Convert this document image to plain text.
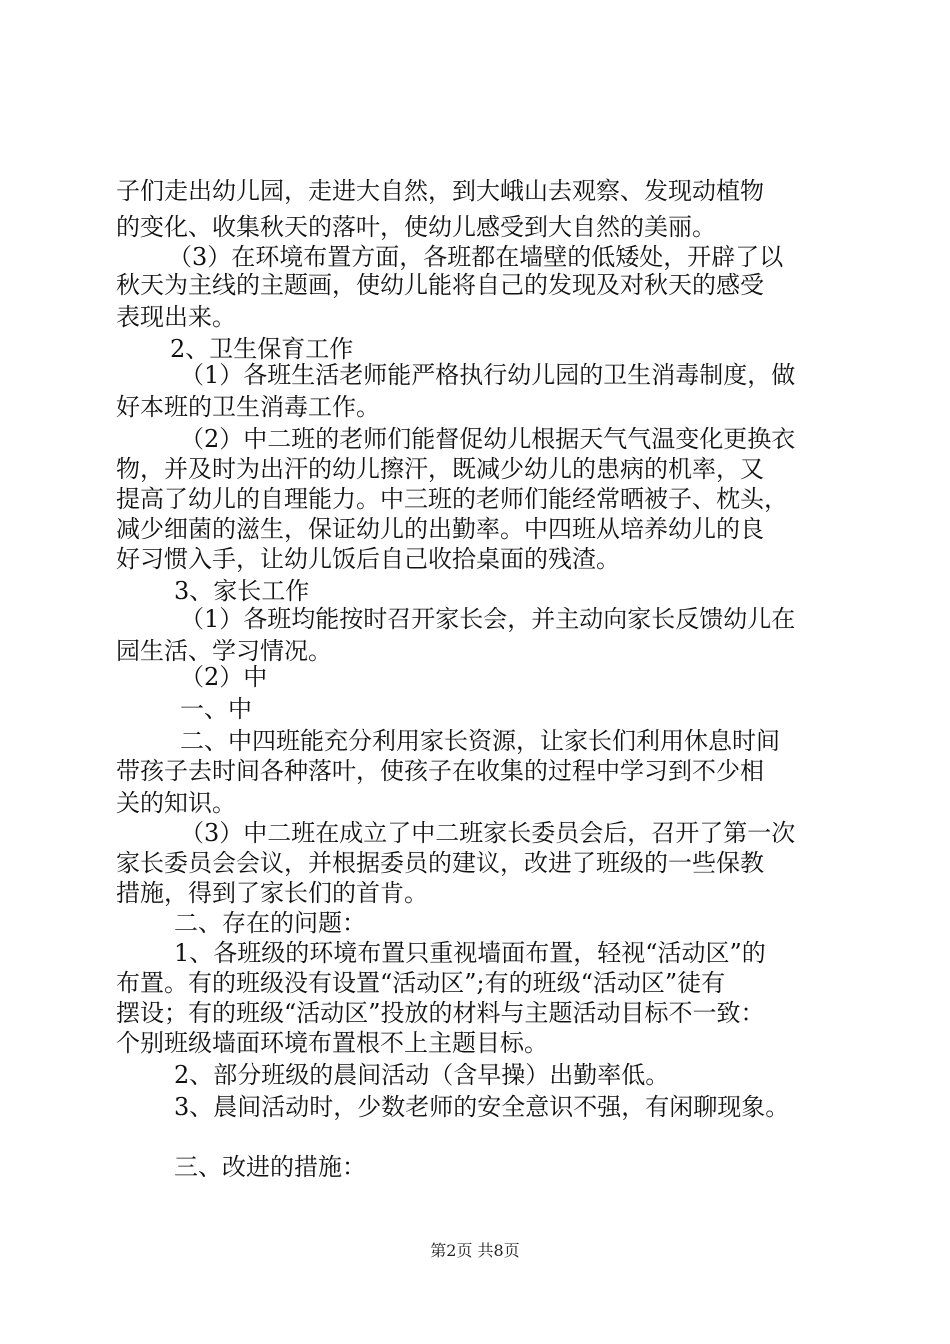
子们走出幼儿园，走进大自然，到大峨山去观察、发现动植物
的变化、收集秋天的落叶，使幼儿感受到大自然的美丽。
（3）在环境布置方面，各班都在墙壁的低矮处，开辟了以
秋天为主线的主题画，使幼儿能将自己的发现及对秋天的感受
表现出来。
2、卫生保育工作
（1）各班生活老师能严格执行幼儿园的卫生消毒制度，做
好本班的卫生消毒工作。
（2）中二班的老师们能督促幼儿根据天气气温变化更换衣
物，并及时为出汗的幼儿擦汗，既减少幼儿的患病的机率，又
提高了幼儿的自理能力。中三班的老师们能经常晒被子、枕头，
减少细菌的滋生，保证幼儿的出勤率。中四班从培养幼儿的良
好习惯入手，让幼儿饭后自己收拾桌面的残渣。
3、家长工作
（1）各班均能按时召开家长会，并主动向家长反馈幼儿在
园生活、学习情况。
（2）中
一、中
二、中四班能充分利用家长资源，让家长们利用休息时间
带孩子去时间各种落叶，使孩子在收集的过程中学习到不少相
关的知识。
（3）中二班在成立了中二班家长委员会后，召开了第一次
家长委员会会议，并根据委员的建议，改进了班级的一些保教
措施，得到了家长们的首肯。
二、存在的问题：
1、各班级的环境布置只重视墙面布置，轻视“活动区”的
布置。有的班级没有设置“活动区”;有的班级“活动区”徒有
摆设；有的班级“活动区”投放的材料与主题活动目标不一致：
个别班级墙面环境布置根不上主题目标。
2、部分班级的晨间活动（含早操）出勤率低。
3、晨间活动时，少数老师的安全意识不强，有闲聊现象。
三、改进的措施：
第2页 共8页
